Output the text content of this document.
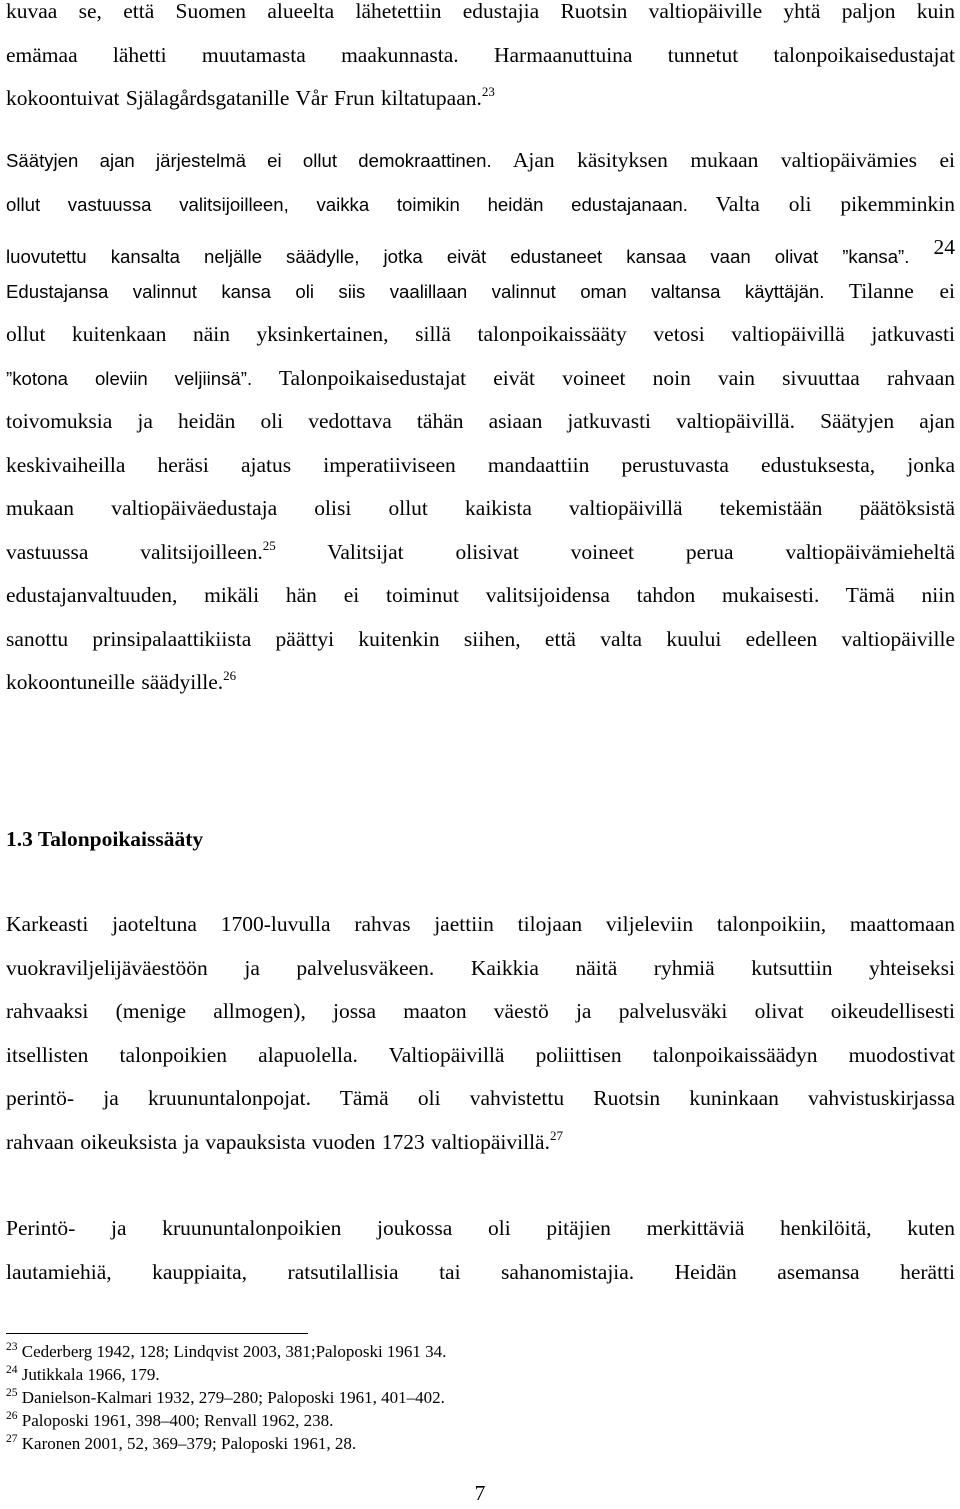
kuvaa se, että Suomen alueelta lähetettiin edustajia Ruotsin valtiopäiville yhtä paljon kuin
emämaa lähetti muutamasta maakunnasta. Harmaanuttuina tunnetut talonpoikaisedustajat
kokoontuivat Själagårdsgatanille Vår Frun kiltatupaan.$^{23}$
Säätyjen ajan järjestelmä ei ollut demokraattinen. Ajan käsityksen mukaan valtiopäivämies ei
ollut vastuussa valitsijoilleen, vaikka toimikin heidän edustajanaan. Valta oli pikemminkin
luovutettu kansalta neljälle säädylle, jotka eivät edustaneet kansaa vaan olivat ”kansa”. $^{24}$
Edustajansa valinnut kansa oli siis vaalillaan valinnut oman valtansa käyttäjän. Tilanne ei
ollut kuitenkaan näin yksinkertainen, sillä talonpoikaissääty vetosi valtiopäivillä jatkuvasti
”kotona oleviin veljiinsä”. Talonpoikaisedustajat eivät voineet noin vain sivuuttaa rahvaan
toivomuksia ja heidän oli vedottava tähän asiaan jatkuvasti valtiopäivillä. Säätyjen ajan
keskivaiheilla heräsi ajatus imperatiiviseen mandaattiin perustuvasta edustuksesta, jonka
mukaan valtiopäiväedustaja olisi ollut kaikista valtiopäivillä tekemistään päätöksistä
vastuussa valitsijoilleen.$^{25}$ Valitsijat olisivat voineet perua valtiopäivämieheltä
edustajanvaltuuden, mikäli hän ei toiminut valitsijoidensa tahdon mukaisesti. Tämä niin
sanottu prinsipalaattikiista päättyi kuitenkin siihen, että valta kuului edelleen valtiopäiville
kokoontuneille säädyille.$^{26}$
1.3 Talonpoikaissääty
Karkeasti jaoteltuna 1700-luvulla rahvas jaettiin tilojaan viljeleviin talonpoikiin, maattomaan
vuokraviljelijäväestöön ja palvelusväkeen. Kaikkia näitä ryhmiä kutsuttiin yhteiseksi
rahvaaksi (menige allmogen), jossa maaton väestö ja palvelusväki olivat oikeudellisesti
itsellisten talonpoikien alapuolella. Valtiopäivillä poliittisen talonpoikaissäädyn muodostivat
perintö- ja kruununtalonpojat. Tämä oli vahvistettu Ruotsin kuninkaan vahvistuskirjassa
rahvaan oikeuksista ja vapauksista vuoden 1723 valtiopäivillä.$^{27}$
Perintö- ja kruununtalonpoikien joukossa oli pitäjien merkittäviä henkilöitä, kuten
lautamiehiä, kauppiaita, ratsutilallisia tai sahanomistajia. Heidän asemansa herätti
$^{23}$ Cederberg 1942, 128; Lindqvist 2003, 381;Paloposki 1961 34.
$^{24}$ Jutikkala 1966, 179.
$^{25}$ Danielson-Kalmari 1932, 279–280; Paloposki 1961, 401–402.
$^{26}$ Paloposki 1961, 398–400; Renvall 1962, 238.
$^{27}$ Karonen 2001, 52, 369–379; Paloposki 1961, 28.
7
